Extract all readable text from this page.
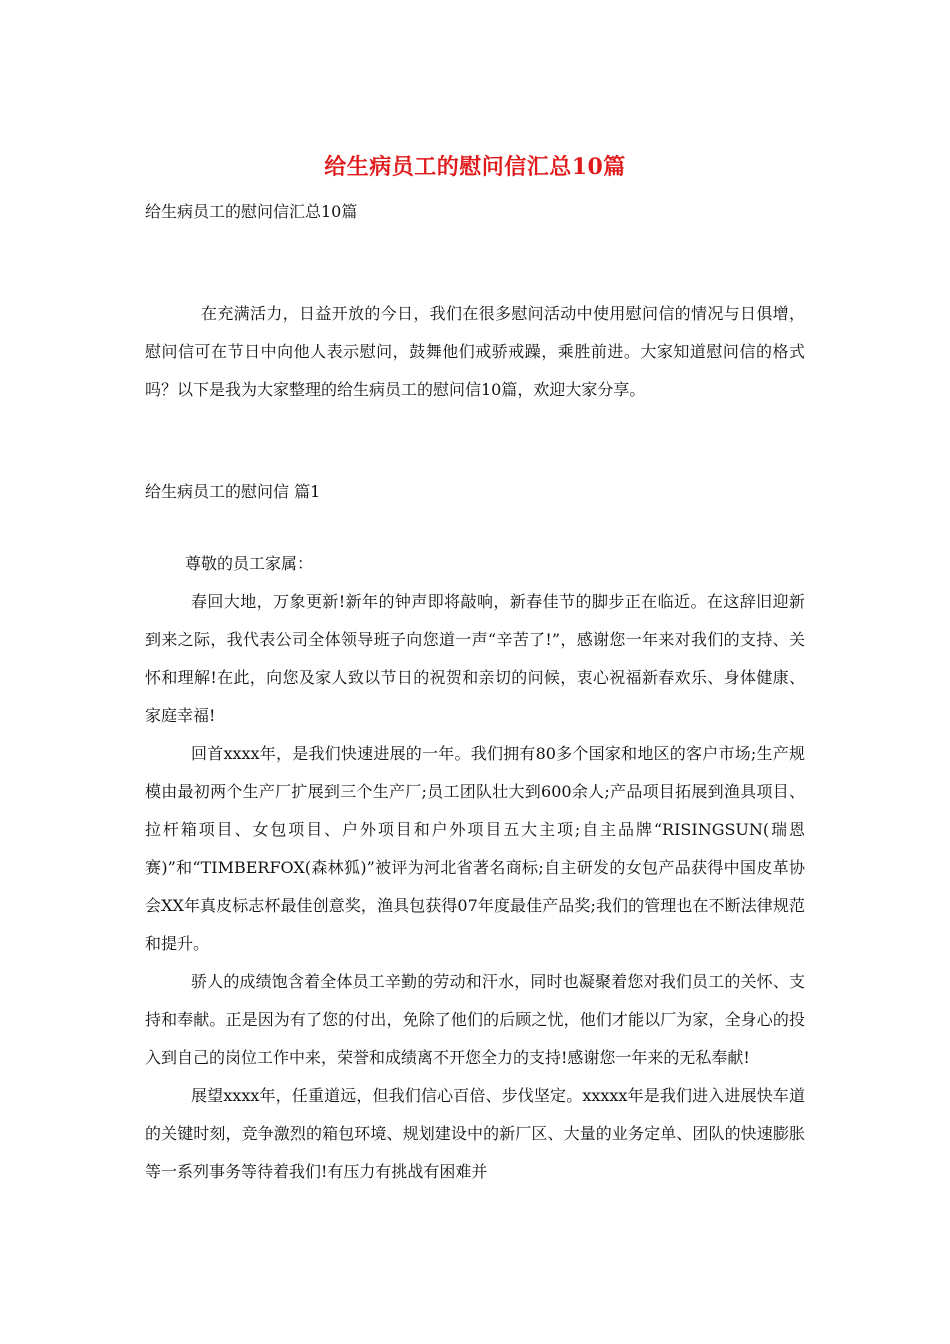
给生病员工的慰问信汇总10篇
给生病员工的慰问信汇总10篇

在充满活力，日益开放的今日，我们在很多慰问活动中使用慰问信的情况与日俱增，慰问信可在节日中向他人表示慰问，鼓舞他们戒骄戒躁，乘胜前进。大家知道慰问信的格式吗？以下是我为大家整理的给生病员工的慰问信10篇，欢迎大家分享。

给生病员工的慰问信 篇1

尊敬的员工家属：

春回大地，万象更新!新年的钟声即将敲响，新春佳节的脚步正在临近。在这辞旧迎新到来之际，我代表公司全体领导班子向您道一声“辛苦了!”，感谢您一年来对我们的支持、关怀和理解!在此，向您及家人致以节日的祝贺和亲切的问候，衷心祝福新春欢乐、身体健康、家庭幸福!

回首xxxx年，是我们快速进展的一年。我们拥有80多个国家和地区的客户市场;生产规模由最初两个生产厂扩展到三个生产厂;员工团队壮大到600余人;产品项目拓展到渔具项目、拉杆箱项目、女包项目、户外项目和户外项目五大主项;自主品牌“RISINGSUN(瑞恩赛)”和“TIMBERFOX(森林狐)”被评为河北省著名商标;自主研发的女包产品获得中国皮革协会XX年真皮标志杯最佳创意奖，渔具包获得07年度最佳产品奖;我们的管理也在不断法律规范和提升。

骄人的成绩饱含着全体员工辛勤的劳动和汗水，同时也凝聚着您对我们员工的关怀、支持和奉献。正是因为有了您的付出，免除了他们的后顾之忧，他们才能以厂为家，全身心的投入到自己的岗位工作中来，荣誉和成绩离不开您全力的支持!感谢您一年来的无私奉献!

展望xxxx年，任重道远，但我们信心百倍、步伐坚定。xxxxx年是我们进入进展快车道的关键时刻，竞争激烈的箱包环境、规划建设中的新厂区、大量的业务定单、团队的快速膨胀等一系列事务等待着我们!有压力有挑战有困难并
